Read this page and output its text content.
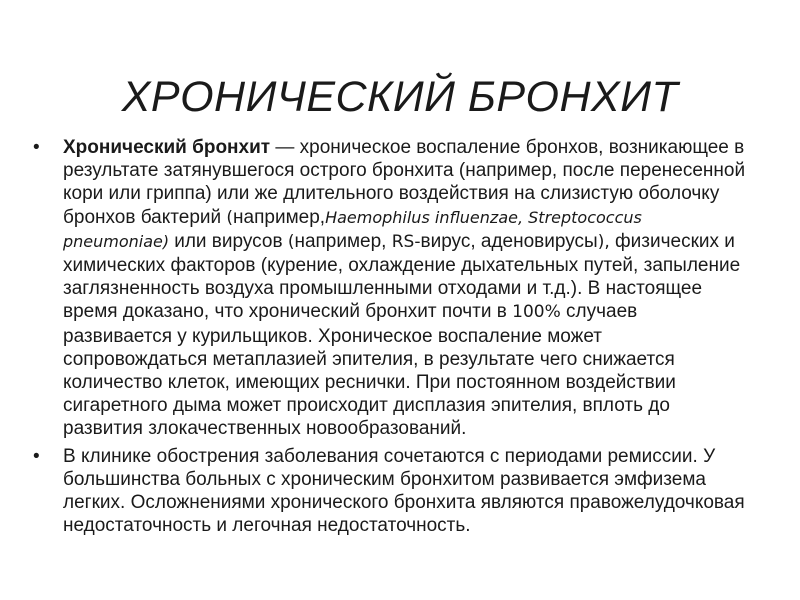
ХРОНИЧЕСКИЙ БРОНХИТ
•	Хронический бронхит — хроническое воспаление бронхов, возникающее в результате затянувшегося острого бронхита (например, после перенесенной кори или гриппа) или же длительного воздействия на слизистую оболочку бронхов бактерий (например,Haemophilus influenzae, Streptococcus pneumoniae) или вирусов (например, RS-вирус, аденовирусы), физических и химических факторов (курение, охлаждение дыхательных путей, запыление заглязненность воздуха промышленными отходами и т.д.). В настоящее время доказано, что хронический бронхит почти в 100% случаев развивается у курильщиков. Хроническое воспаление может сопровождаться метаплазией эпителия, в результате чего снижается количество клеток, имеющих реснички. При постоянном воздействии сигаретного дыма может происходит дисплазия эпителия, вплоть до развития злокачественных новообразований.
•	В клинике обострения заболевания сочетаются с периодами ремиссии. У большинства больных с хроническим бронхитом развивается эмфизема легких. Осложнениями хронического бронхита являются правожелудочковая недостаточность и легочная недостаточность.
